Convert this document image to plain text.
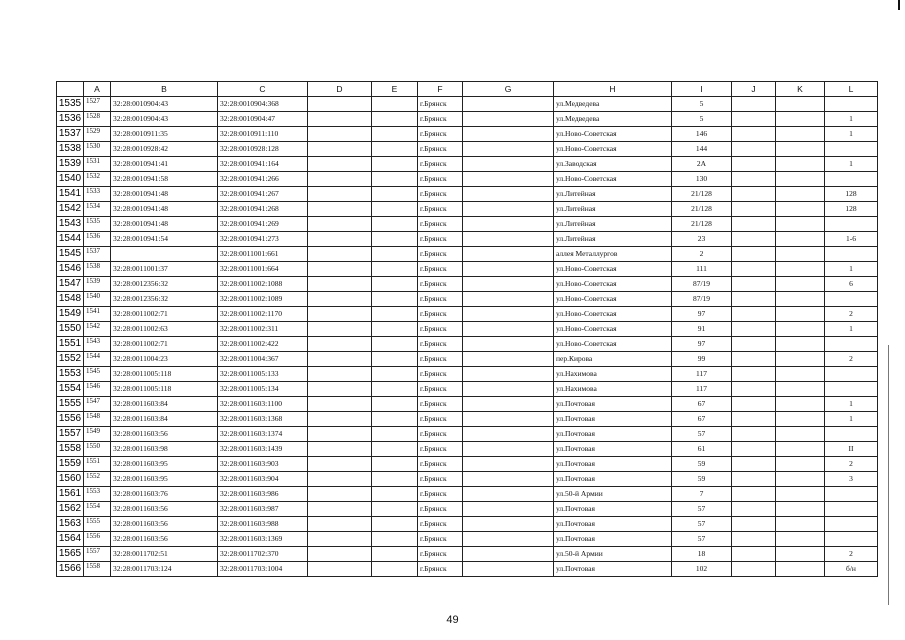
	A	B	C	D	E	F	G	H	I	J	K	L
1535	1527	32:28:0010904:43	32:28:0010904:368			г.Брянск		ул.Медведева	5			
1536	1528	32:28:0010904:43	32:28:0010904:47			г.Брянск		ул.Медведева	5			1
1537	1529	32:28:0010911:35	32:28:0010911:110			г.Брянск		ул.Ново-Советская	146			1
1538	1530	32:28:0010928:42	32:28:0010928:128			г.Брянск		ул.Ново-Советская	144			
1539	1531	32:28:0010941:41	32:28:0010941:164			г.Брянск		ул.Заводская	2А			1
1540	1532	32:28:0010941:58	32:28:0010941:266			г.Брянск		ул.Ново-Советская	130			
1541	1533	32:28:0010941:48	32:28:0010941:267			г.Брянск		ул.Литейная	21/128			128
1542	1534	32:28:0010941:48	32:28:0010941:268			г.Брянск		ул.Литейная	21/128			128
1543	1535	32:28:0010941:48	32:28:0010941:269			г.Брянск		ул.Литейная	21/128			
1544	1536	32:28:0010941:54	32:28:0010941:273			г.Брянск		ул.Литейная	23			1-6
1545	1537		32:28:0011001:661			г.Брянск		аллея Металлургов	2			
1546	1538	32:28:0011001:37	32:28:0011001:664			г.Брянск		ул.Ново-Советская	111			1
1547	1539	32:28:0012356:32	32:28:0011002:1088			г.Брянск		ул.Ново-Советская	87/19			6
1548	1540	32:28:0012356:32	32:28:0011002:1089			г.Брянск		ул.Ново-Советская	87/19			
1549	1541	32:28:0011002:71	32:28:0011002:1170			г.Брянск		ул.Ново-Советская	97			2
1550	1542	32:28:0011002:63	32:28:0011002:311			г.Брянск		ул.Ново-Советская	91			1
1551	1543	32:28:0011002:71	32:28:0011002:422			г.Брянск		ул.Ново-Советская	97			
1552	1544	32:28:0011004:23	32:28:0011004:367			г.Брянск		пер.Кирова	99			2
1553	1545	32:28:0011005:118	32:28:0011005:133			г.Брянск		ул.Нахимова	117			
1554	1546	32:28:0011005:118	32:28:0011005:134			г.Брянск		ул.Нахимова	117			
1555	1547	32:28:0011603:84	32:28:0011603:1100			г.Брянск		ул.Почтовая	67			1
1556	1548	32:28:0011603:84	32:28:0011603:1368			г.Брянск		ул.Почтовая	67			1
1557	1549	32:28:0011603:56	32:28:0011603:1374			г.Брянск		ул.Почтовая	57			
1558	1550	32:28:0011603:98	32:28:0011603:1439			г.Брянск		ул.Почтовая	61			II
1559	1551	32:28:0011603:95	32:28:0011603:903			г.Брянск		ул.Почтовая	59			2
1560	1552	32:28:0011603:95	32:28:0011603:904			г.Брянск		ул.Почтовая	59			3
1561	1553	32:28:0011603:76	32:28:0011603:986			г.Брянск		ул.50-й Армии	7			
1562	1554	32:28:0011603:56	32:28:0011603:987			г.Брянск		ул.Почтовая	57			
1563	1555	32:28:0011603:56	32:28:0011603:988			г.Брянск		ул.Почтовая	57			
1564	1556	32:28:0011603:56	32:28:0011603:1369			г.Брянск		ул.Почтовая	57			
1565	1557	32:28:0011702:51	32:28:0011702:370			г.Брянск		ул.50-й Армии	18			2
1566	1558	32:28:0011703:124	32:28:0011703:1004			г.Брянск		ул.Почтовая	102			б/н
49
